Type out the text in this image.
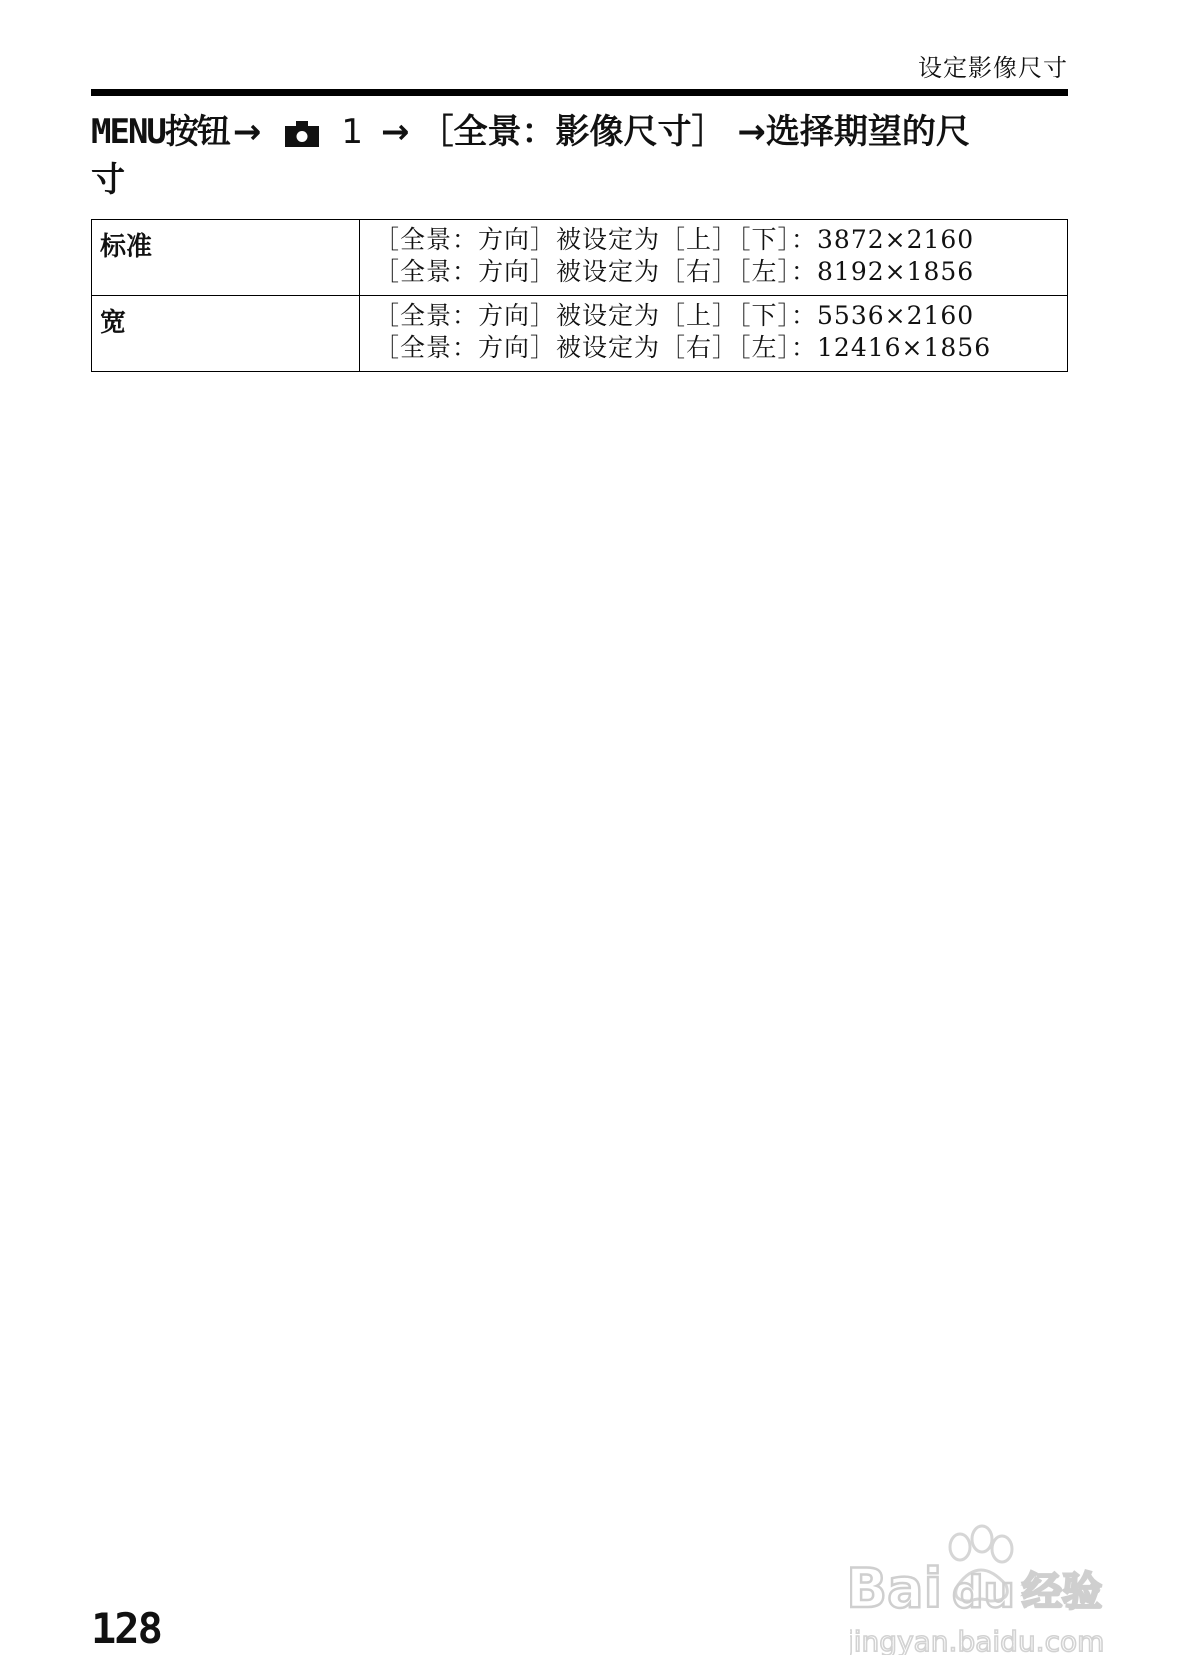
设定影像尺寸
MENU按钮 → 1 → ［全景：影像尺寸］ →选择期望的尺
寸
标准	［全景：方向］被设定为［上］［下］：3872×2160
［全景：方向］被设定为［右］［左］：8192×1856

宽	［全景：方向］被设定为［上］［下］：5536×2160
［全景：方向］被设定为［右］［左］：12416×1856
128
Bai du 经验
jingyan.baidu.com
